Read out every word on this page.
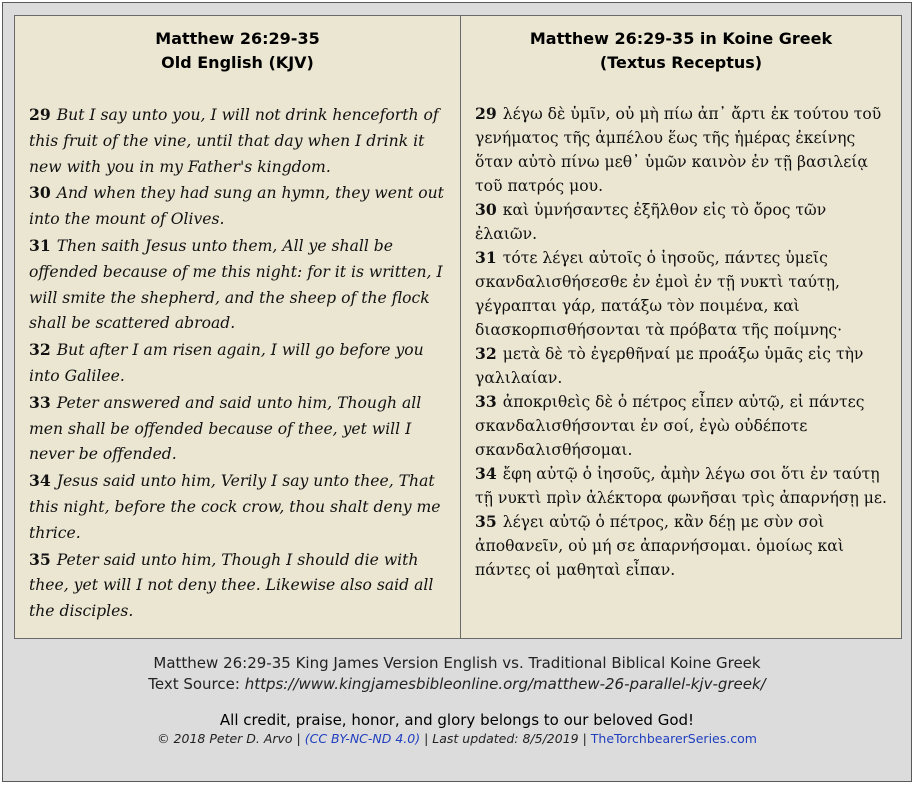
Matthew 26:29-35
Old English (KJV)

29 But I say unto you, I will not drink henceforth of this fruit of the vine, until that day when I drink it new with you in my Father's kingdom.

30 And when they had sung an hymn, they went out into the mount of Olives.

31 Then saith Jesus unto them, All ye shall be offended because of me this night: for it is written, I will smite the shepherd, and the sheep of the flock shall be scattered abroad.

32 But after I am risen again, I will go before you into Galilee.

33 Peter answered and said unto him, Though all men shall be offended because of thee, yet will I never be offended.

34 Jesus said unto him, Verily I say unto thee, That this night, before the cock crow, thou shalt deny me thrice.

35 Peter said unto him, Though I should die with thee, yet will I not deny thee. Likewise also said all the disciples.

Matthew 26:29-35 in Koine Greek
(Textus Receptus)

29 λέγω δὲ ὑμῖν, οὐ μὴ πίω ἀπ᾽ ἄρτι ἐκ τούτου τοῦ γενήματος τῆς ἀμπέλου ἕως τῆς ἡμέρας ἐκείνης ὅταν αὐτὸ πίνω μεθ᾽ ὑμῶν καινὸν ἐν τῇ βασιλείᾳ τοῦ πατρός μου.

30 καὶ ὑμνήσαντες ἐξῆλθον εἰς τὸ ὄρος τῶν ἐλαιῶν.

31 τότε λέγει αὐτοῖς ὁ ἰησοῦς, πάντες ὑμεῖς σκανδαλισθήσεσθε ἐν ἐμοὶ ἐν τῇ νυκτὶ ταύτῃ, γέγραπται γάρ, πατάξω τὸν ποιμένα, καὶ διασκορπισθήσονται τὰ πρόβατα τῆς ποίμνης·

32 μετὰ δὲ τὸ ἐγερθῆναί με προάξω ὑμᾶς εἰς τὴν γαλιλαίαν.

33 ἀποκριθεὶς δὲ ὁ πέτρος εἶπεν αὐτῷ, εἰ πάντες σκανδαλισθήσονται ἐν σοί, ἐγὼ οὐδέποτε σκανδαλισθήσομαι.

34 ἔφη αὐτῷ ὁ ἰησοῦς, ἀμὴν λέγω σοι ὅτι ἐν ταύτῃ τῇ νυκτὶ πρὶν ἀλέκτορα φωνῆσαι τρὶς ἀπαρνήσῃ με.

35 λέγει αὐτῷ ὁ πέτρος, κἂν δέῃ με σὺν σοὶ ἀποθανεῖν, οὐ μή σε ἀπαρνήσομαι. ὁμοίως καὶ πάντες οἱ μαθηταὶ εἶπαν.

Matthew 26:29-35 King James Version English vs. Traditional Biblical Koine Greek
Text Source: https://www.kingjamesbibleonline.org/matthew-26-parallel-kjv-greek/
All credit, praise, honor, and glory belongs to our beloved God!
© 2018 Peter D. Arvo | (CC BY-NC-ND 4.0) | Last updated: 8/5/2019 | TheTorchbearerSeries.com
